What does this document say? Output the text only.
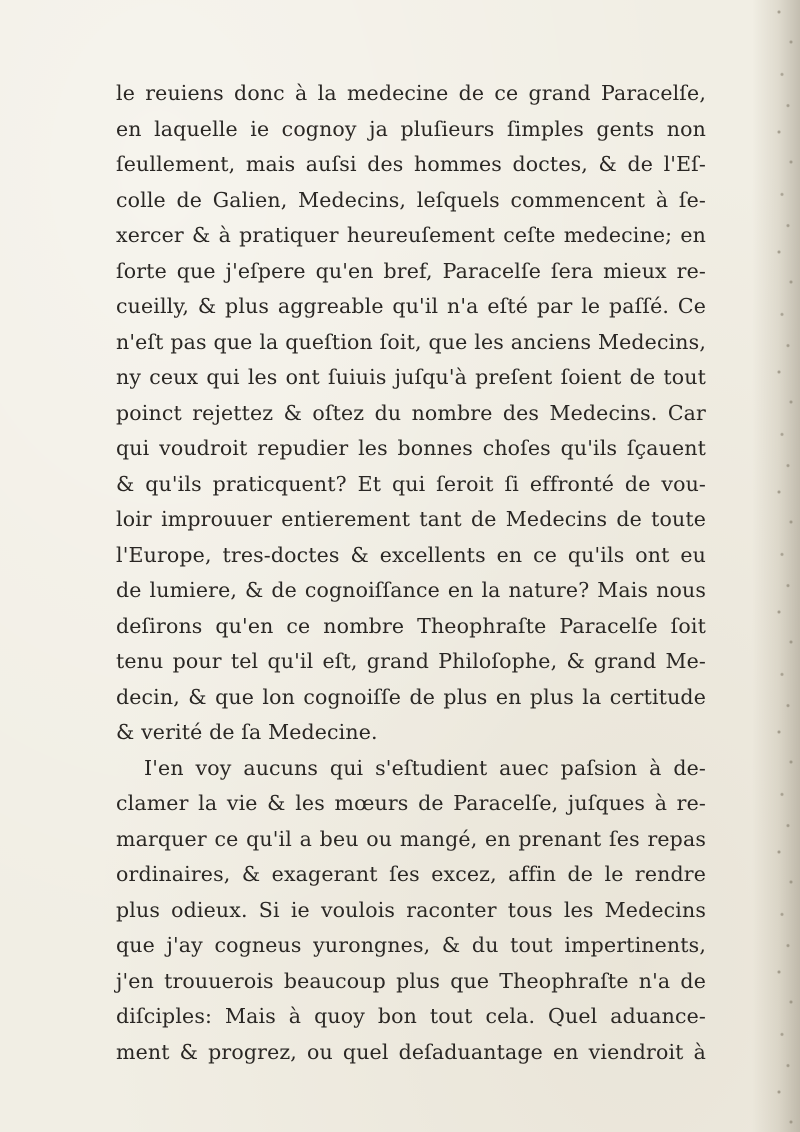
le reuiens donc à la medecine de ce grand Paracelſe,
en laquelle ie cognoy ja pluſieurs ſimples gents non
ſeullement, mais auſsi des hommes doctes, & de l'Eſ-
colle de Galien, Medecins, leſquels commencent à ſe-
xercer & à pratiquer heureuſement ceſte medecine; en
ſorte que j'eſpere qu'en bref, Paracelſe ſera mieux re-
cueilly, & plus aggreable qu'il n'a eſté par le paſſé. Ce
n'eſt pas que la queſtion ſoit, que les anciens Medecins,
ny ceux qui les ont ſuiuis juſqu'à preſent ſoient de tout
poinct rejettez & oſtez du nombre des Medecins. Car
qui voudroit repudier les bonnes choſes qu'ils ſçauent
& qu'ils praticquent? Et qui ſeroit ſi effronté de vou-
loir improuuer entierement tant de Medecins de toute
l'Europe, tres-doctes & excellents en ce qu'ils ont eu
de lumiere, & de cognoiſſance en la nature? Mais nous
deſirons qu'en ce nombre Theophraſte Paracelſe ſoit
tenu pour tel qu'il eſt, grand Philoſophe, & grand Me-
decin, & que lon cognoiſſe de plus en plus la certitude
& verité de ſa Medecine.
I'en voy aucuns qui s'eſtudient auec paſsion à de-
clamer la vie & les mœurs de Paracelſe, juſques à re-
marquer ce qu'il a beu ou mangé, en prenant ſes repas
ordinaires, & exagerant ſes excez, affin de le rendre
plus odieux. Si ie voulois raconter tous les Medecins
que j'ay cogneus yurongnes, & du tout impertinents,
j'en trouuerois beaucoup plus que Theophraſte n'a de
diſciples: Mais à quoy bon tout cela. Quel aduance-
ment & progrez, ou quel deſaduantage en viendroit à
